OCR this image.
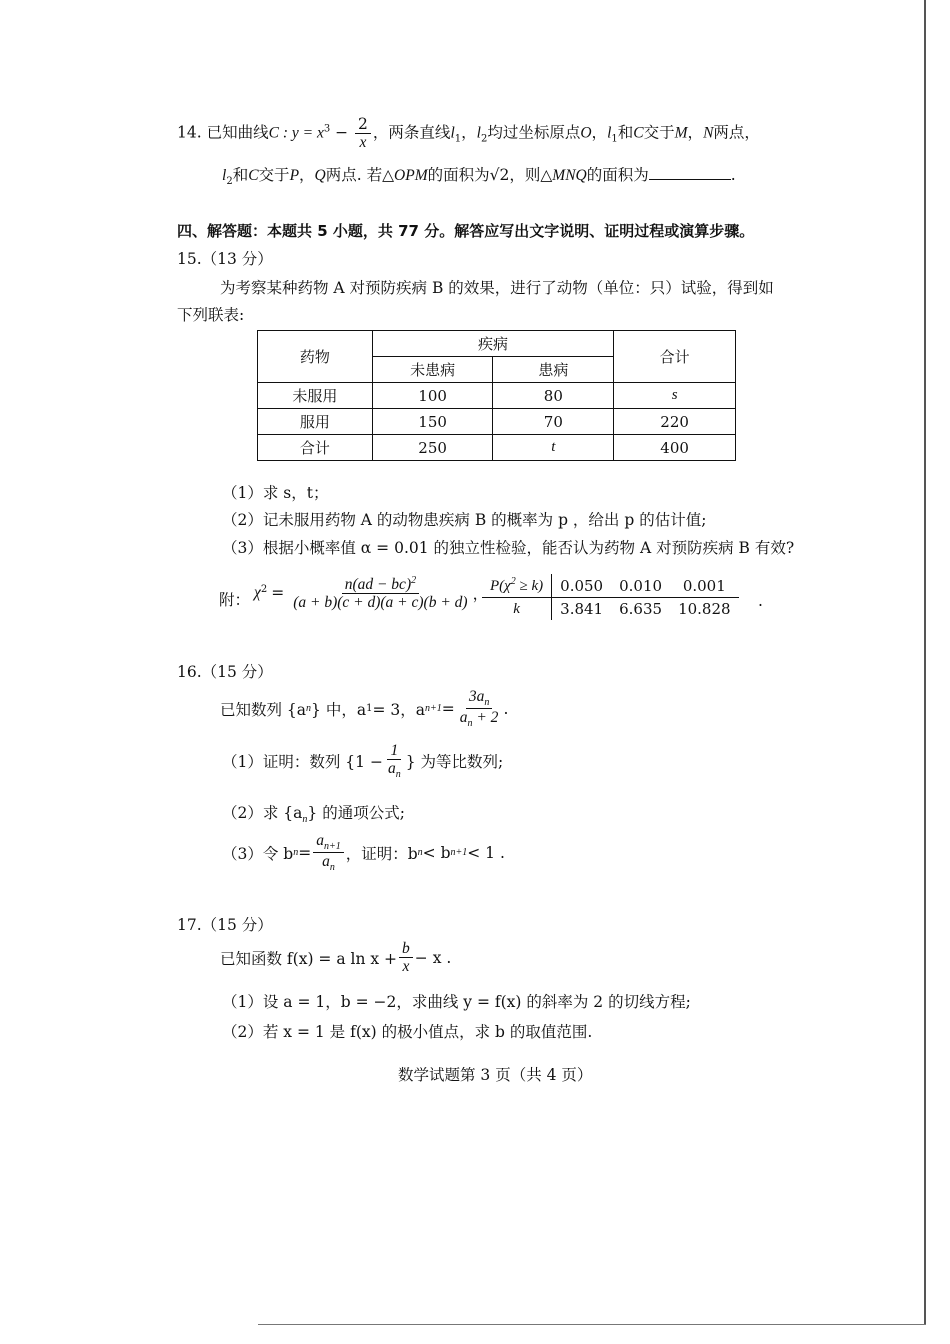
14. 已知曲线C : $y = x^3 - \frac{2}{x}$ ，两条直线$l_1$，$l_2$均过坐标原点O，$l_1$和C交于M，N两点，
$l_2$和C交于P，Q两点. 若△OPM的面积为√2，则△MNQ的面积为	.
四、解答题：本题共 5 小题，共 77 分。解答应写出文字说明、证明过程或演算步骤。
15.（13 分）
为考察某种药物 A 对预防疾病 B 的效果，进行了动物（单位：只）试验，得到如
下列联表:
药物	疾病		合计
	未患病	患病	
未服用	100	80	s
服用	150	70	220
合计	250	t	400
（1）求 s，t；
（2）记未服用药物 A 的动物患疾病 B 的概率为 p ，给出 p 的估计值;
（3）根据小概率值 α = 0.01 的独立性检验，能否认为药物 A 对预防疾病 B 有效?
附： $\chi^2 = \frac{n(ad - bc)^2}{(a + b)(c + d)(a + c)(b + d)}$ ， $P(\chi^2 \ge k)$	0.050	0.010	0.001
k	3.841	6.635	10.828 .
16.（15 分）
已知数列 {a n } 中，a 1 = 3，a $n+1 = \frac{3a_n}{a_n + 2}$ .
（1）证明：数列 {$1 - \frac{1}{a_n}$ } 为等比数列;
（2）求 $\{a_n\}$ 的通项公式;
（3）令 b $n = \frac{a_{n+1}}{a_n}$ ，证明：b n < b n+1 < 1 .
17.（15 分）
已知函数 f(x) = a $\ln x + \frac{b}{x} - x$ .
（1）设 a = 1，b = −2，求曲线 y = f(x) 的斜率为 2 的切线方程;
（2）若 x = 1 是 f(x) 的极小值点，求 b 的取值范围.
数学试题第 3 页（共 4 页）
